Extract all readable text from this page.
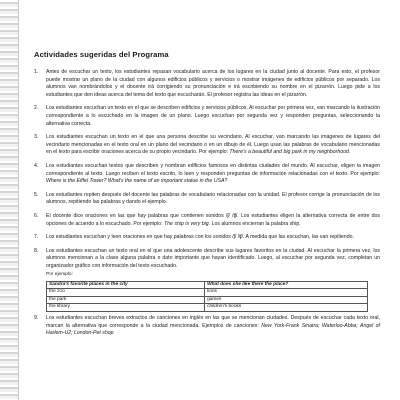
Actividades sugeridas del Programa
1. Antes de escuchar un texto, los estudiantes repasan vocabulario acerca de los lugares en la ciudad junto al docente. Para esto, el profesor puede mostrar un plano de la ciudad con algunos edificios públicos y servicios o mostrar imágenes de edificios públicos por separado. Los alumnos van nombrándolos y el docente irá corrigiendo su pronunciación e irá escribiendo su nombre en el pizarrón. Luego pide a los estudiantes que den ideas acerca del tema del texto que escucharán. El profesor registra las ideas en el pizarrón.
2. Los estudiantes escuchan un texto en el que se describen edificios y servicios públicos. Al escuchar por primera vez, van marcando la ilustración correspondiente a lo escuchado en la imagen de un plano. Luego escuchan por segunda vez y responden preguntas, seleccionando la alternativa correcta.
3. Los estudiantes escuchan un texto en el que una persona describe su vecindario. Al escuchar, van marcando las imágenes de lugares del vecindario mencionadas en el texto oral en un plano del vecindario o en un dibujo de él. Luego usan las palabras de vocabulario mencionadas en el texto para escribir oraciones acerca de su propio vecindario. Por ejemplo: There's a beautiful and big park in my neighborhood.
4. Los estudiantes escuchan textos que describen y nombran edificios famosos en distintas ciudades del mundo. Al escuchar, eligen la imagen correspondiente al texto. Luego reciben el texto escrito, lo leen y responden preguntas de información relacionadas con el texto. Por ejemplo: Where is the Eiffel Tower? What's the name of an important statue in the USA?
5. Los estudiantes repiten después del docente las palabras de vocabulario relacionadas con la unidad. El profesor corrige la pronunciación de los alumnos, repitiendo las palabras y dando el ejemplo.
6. El docente dice oraciones en las que hay palabras que contienen sonidos /ʃ/ /ʧ/. Los estudiantes eligen la alternativa correcta de entre dos opciones de acuerdo a lo escuchado. Por ejemplo: The ship is very big. Los alumnos encierran la palabra ship.
7. Los estudiantes escuchan y leen oraciones en que hay palabras con los sonidos /ʃ/ /ʧ/. A medida que las escuchan, las van repitiendo.
8. Los estudiantes escuchan un texto oral en el que una adolescente describe sus lugares favoritos en la ciudad. Al escuchar la primera vez, los alumnos mencionan a la clase alguna palabra o dato importante que hayan identificado. Luego, al escuchar por segunda vez, completan un organizador gráfico con información del texto escuchado.
Por ejemplo:
Sandra's favorite places in the city	What does she like there the place?
the zoo	lions
the park	games
the library	children's books
9. Los estudiantes escuchan breves extractos de canciones en inglés en las que se mencionan ciudades. Después de escuchar cada texto oral, marcan la alternativa que corresponde a la ciudad mencionada. Ejemplos de canciones: New York-Frank Sinatra; Waterloo-Abba; Angel of Harlem-U2; London-Pet shop
